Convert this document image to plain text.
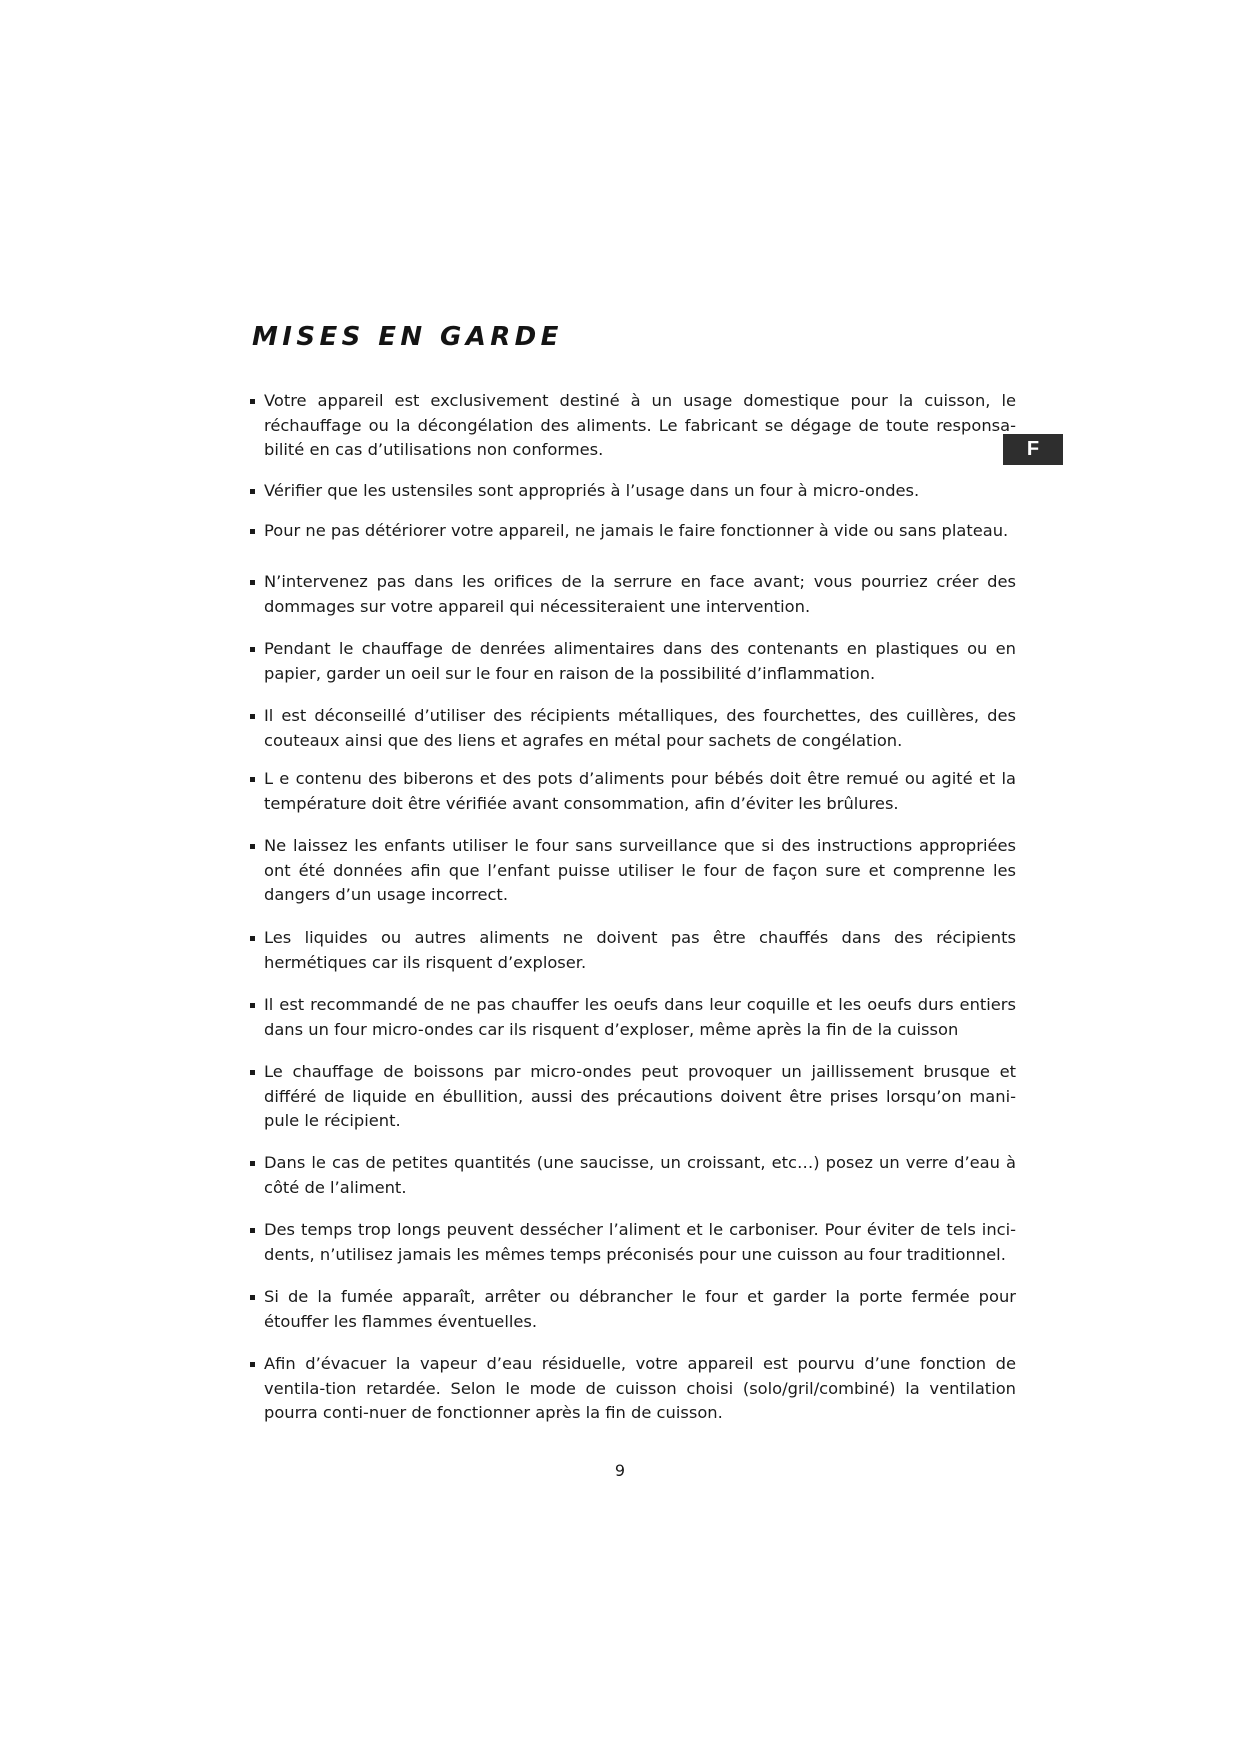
MISES EN GARDE
F
Votre appareil est exclusivement destiné à un usage domestique pour la cuisson, le réchauffage ou la décongélation des aliments. Le fabricant se dégage de toute responsa-bilité en cas d’utilisations non conformes.
Vérifier que les ustensiles sont appropriés à l’usage dans un four à micro-ondes.
Pour ne pas détériorer votre appareil, ne jamais le faire fonctionner à vide ou sans plateau.
N’intervenez pas dans les orifices de la serrure en face avant; vous pourriez créer des dommages sur votre appareil qui nécessiteraient une intervention.
Pendant le chauffage de denrées alimentaires dans des contenants en plastiques ou en papier, garder un oeil sur le four en raison de la possibilité d’inflammation.
Il est déconseillé d’utiliser des récipients métalliques, des fourchettes, des cuillères, des couteaux ainsi que des liens et agrafes en métal pour sachets de congélation.
L e contenu des biberons et des pots d’aliments pour bébés doit être remué ou agité et la température doit être vérifiée avant consommation, afin d’éviter les brûlures.
Ne laissez les enfants utiliser le four sans surveillance que si des instructions appropriées ont été données afin que l’enfant puisse utiliser le four de façon sure et comprenne les dangers d’un usage incorrect.
Les liquides ou autres aliments ne doivent pas être chauffés dans des récipients hermétiques car ils risquent d’exploser.
Il est recommandé de ne pas chauffer les oeufs dans leur coquille et les oeufs durs entiers dans un four micro-ondes car ils risquent d’exploser, même après la fin de la cuisson
Le chauffage de boissons par micro-ondes peut provoquer un jaillissement brusque et différé de liquide en ébullition, aussi des précautions doivent être prises lorsqu’on mani-pule le récipient.
Dans le cas de petites quantités (une saucisse, un croissant, etc…) posez un verre d’eau à côté de l’aliment.
Des temps trop longs peuvent dessécher l’aliment et le carboniser. Pour éviter de tels inci-dents, n’utilisez jamais les mêmes temps préconisés pour une cuisson au four traditionnel.
Si de la fumée apparaît, arrêter ou débrancher le four et garder la porte fermée pour étouffer les flammes éventuelles.
Afin d’évacuer la vapeur d’eau résiduelle, votre appareil est pourvu d’une fonction de ventila-tion retardée. Selon le mode de cuisson choisi (solo/gril/combiné) la ventilation pourra conti-nuer de fonctionner après la fin de cuisson.
9
